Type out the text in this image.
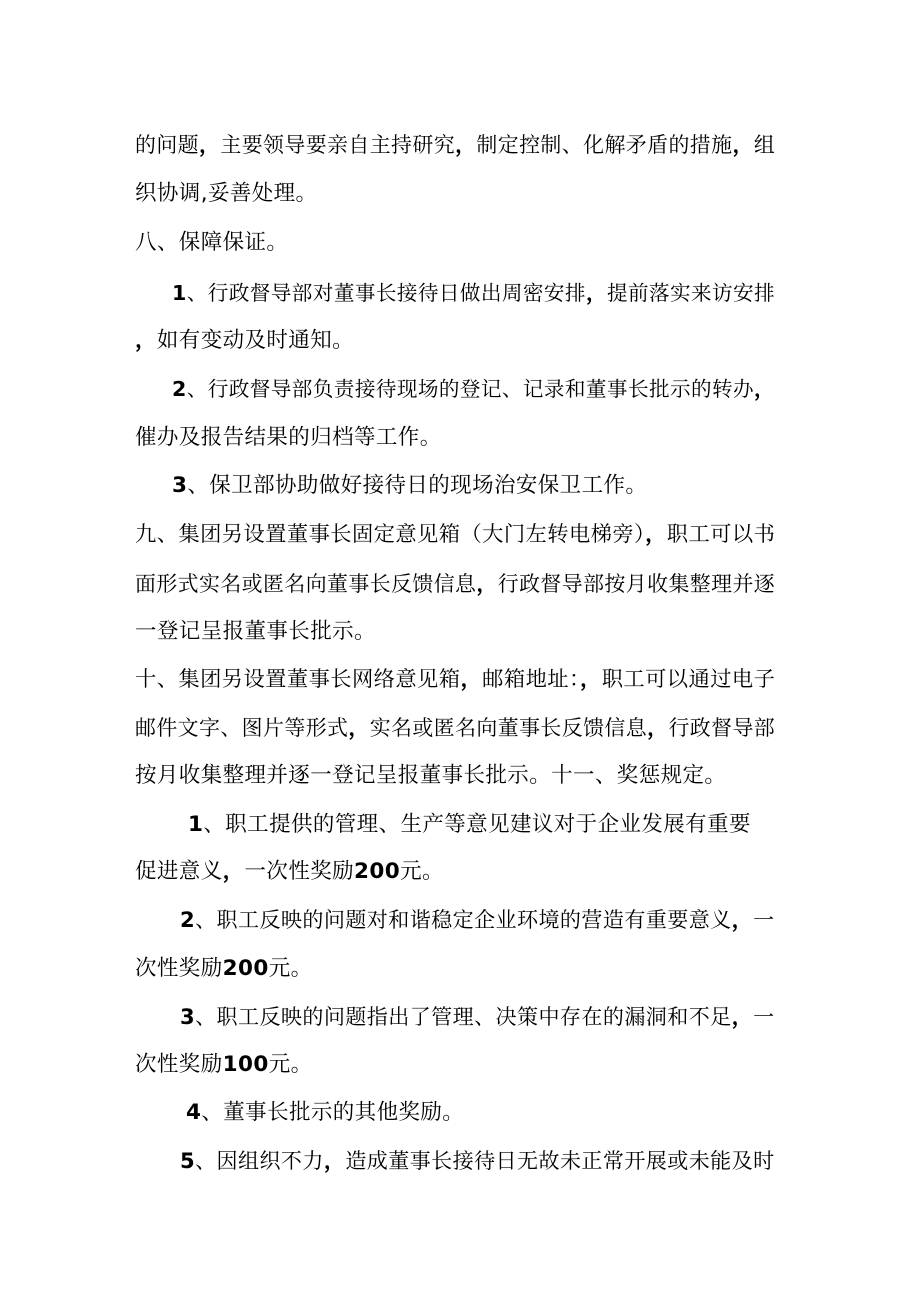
的问题，主要领导要亲自主持研究，制定控制、化解矛盾的措施，组
织协调,妥善处理。
八、保障保证。
1、行政督导部对董事长接待日做出周密安排，提前落实来访安排
，如有变动及时通知。
2、行政督导部负责接待现场的登记、记录和董事长批示的转办，
催办及报告结果的归档等工作。
3、保卫部协助做好接待日的现场治安保卫工作。
九、集团另设置董事长固定意见箱（大门左转电梯旁），职工可以书
面形式实名或匿名向董事长反馈信息，行政督导部按月收集整理并逐
一登记呈报董事长批示。
十、集团另设置董事长网络意见箱，邮箱地址：，职工可以通过电子
邮件文字、图片等形式，实名或匿名向董事长反馈信息，行政督导部
按月收集整理并逐一登记呈报董事长批示。十一、奖惩规定。
1、职工提供的管理、生产等意见建议对于企业发展有重要
促进意义，一次性奖励200元。
2、职工反映的问题对和谐稳定企业环境的营造有重要意义，一
次性奖励200元。
3、职工反映的问题指出了管理、决策中存在的漏洞和不足，一
次性奖励100元。
4、董事长批示的其他奖励。
5、因组织不力，造成董事长接待日无故未正常开展或未能及时
